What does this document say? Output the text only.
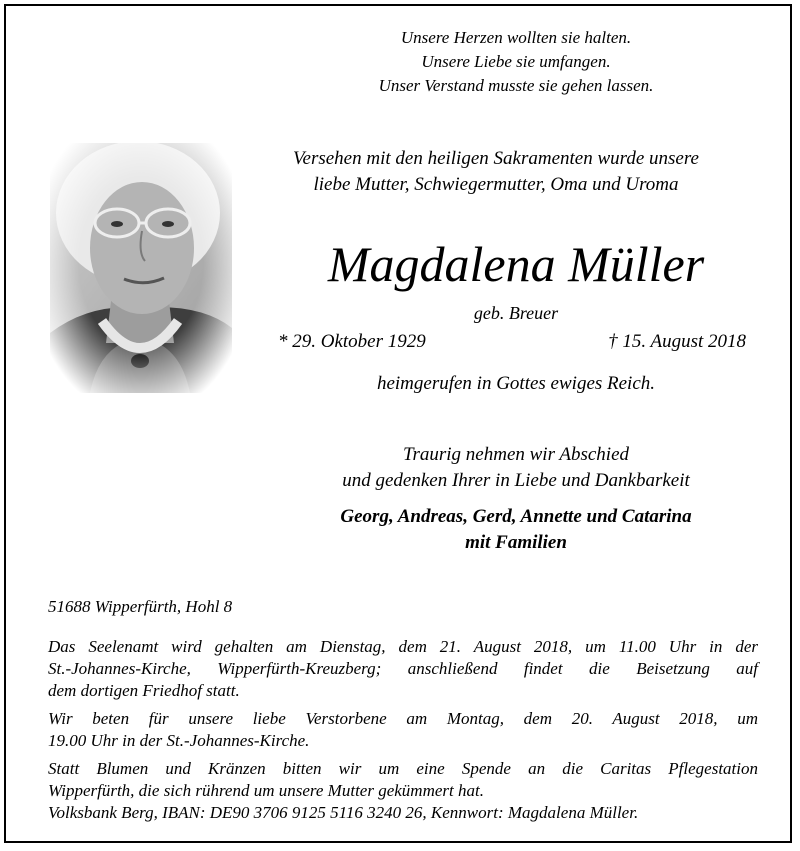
Unsere Herzen wollten sie halten.
Unsere Liebe sie umfangen.
Unser Verstand musste sie gehen lassen.
Versehen mit den heiligen Sakramenten wurde unsere
liebe Mutter, Schwiegermutter, Oma und Uroma
Magdalena Müller
geb. Breuer
* 29. Oktober 1929	† 15. August 2018
heimgerufen in Gottes ewiges Reich.
Traurig nehmen wir Abschied
und gedenken Ihrer in Liebe und Dankbarkeit
Georg, Andreas, Gerd, Annette und Catarina
mit Familien
51688 Wipperfürth, Hohl 8

Das Seelenamt wird gehalten am Dienstag, dem 21. August 2018, um 11.00 Uhr in der
St.-Johannes-Kirche, Wipperfürth-Kreuzberg; anschließend findet die Beisetzung auf
dem dortigen Friedhof statt.

Wir beten für unsere liebe Verstorbene am Montag, dem 20. August 2018, um
19.00 Uhr in der St.-Johannes-Kirche.

Statt Blumen und Kränzen bitten wir um eine Spende an die Caritas Pflegestation
Wipperfürth, die sich rührend um unsere Mutter gekümmert hat.
Volksbank Berg, IBAN: DE90 3706 9125 5116 3240 26, Kennwort: Magdalena Müller.
